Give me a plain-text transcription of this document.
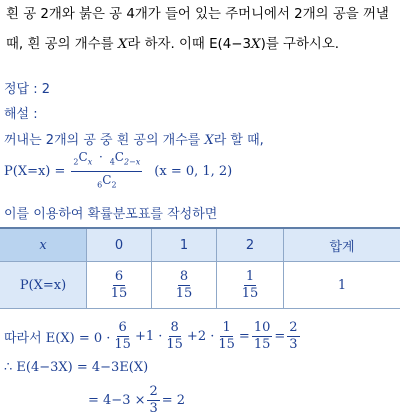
흰 공 2개와 붉은 공 4개가 들어 있는 주머니에서 2개의 공을 꺼낼 때, 흰 공의 개수를 X라 하자. 이때 E(4−3X)를 구하시오.
정답 : 2
해설 :
꺼내는 2개의 공 중 흰 공의 개수를 X라 할 때,
$P(X=x) = \frac{_2C_x \cdot _4C_{2-x}}{_6C_2} (x = 0$, 1, 2)
이를 이용하여 확률분포표를 작성하면
x	0	1	2	합계
P(X=x)	$\frac{6}{15}$	$\frac{8}{15}$	$\frac{1}{15}$	1
따라서 $E(X) = 0 \cdot \frac{6}{15} +1 \cdot \frac{8}{15} +2 \cdot \frac{1}{15} = \frac{10}{15} = \frac{2}{3}$
∴ E(4−3X) = 4−3E(X)
= $4-3 \times \frac{2}{3} = 2$
